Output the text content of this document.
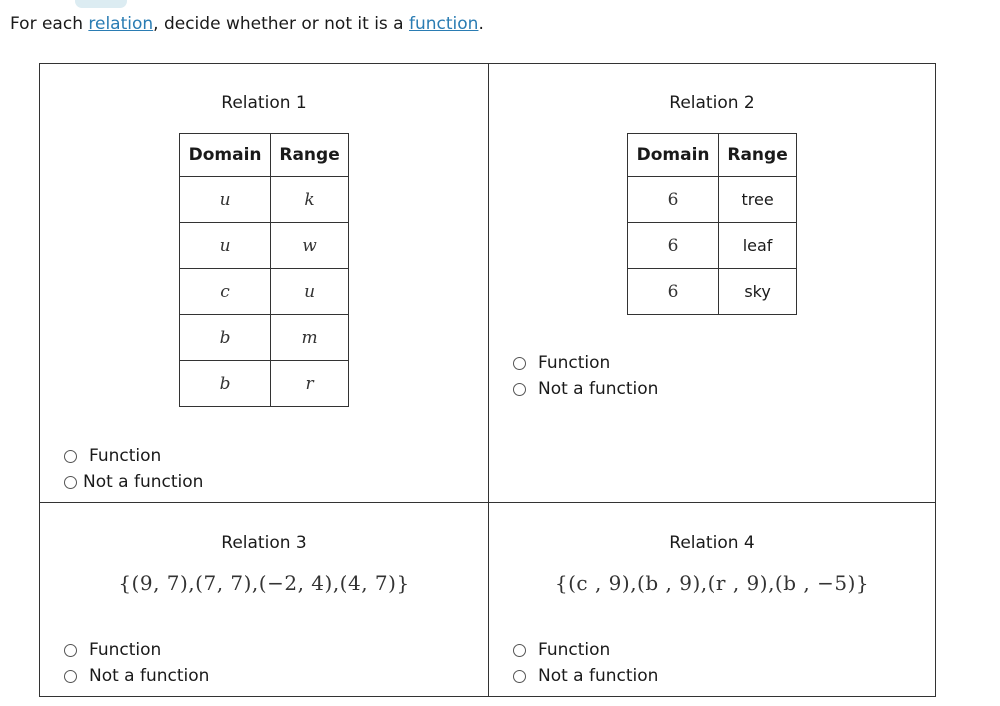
For each relation, decide whether or not it is a function.
Relation 1
Domain	Range
u	k
u	w
c	u
b	m
b	r
Function
Not a function
Relation 2
Domain	Range
6	tree
6	leaf
6	sky
Function
Not a function
Relation 3
{(9, 7),(7, 7),(−2, 4),(4, 7)}
Function
Not a function
Relation 4
{(c , 9),(b , 9),(r , 9),(b , −5)}
Function
Not a function
